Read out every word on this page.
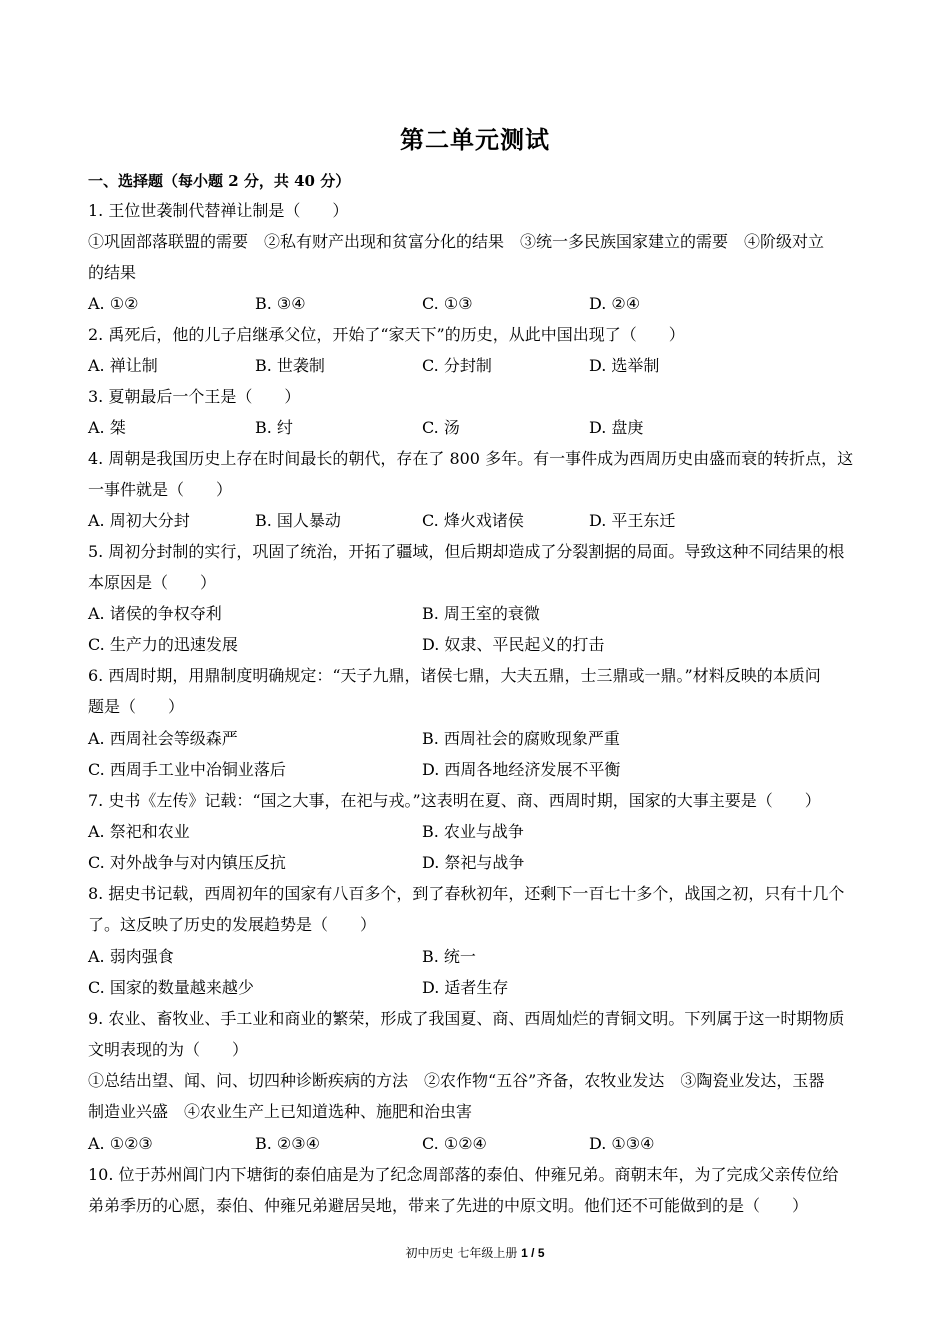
第二单元测试
一、选择题（每小题 2 分，共 40 分）
1. 王位世袭制代替禅让制是（　　）
①巩固部落联盟的需要　②私有财产出现和贫富分化的结果　③统一多民族国家建立的需要　④阶级对立
的结果
A. ①②	B. ③④	C. ①③	D. ②④
2. 禹死后，他的儿子启继承父位，开始了“家天下”的历史，从此中国出现了（　　）
A. 禅让制	B. 世袭制	C. 分封制	D. 选举制
3. 夏朝最后一个王是（　　）
A. 桀	B. 纣	C. 汤	D. 盘庚
4. 周朝是我国历史上存在时间最长的朝代，存在了 800 多年。有一事件成为西周历史由盛而衰的转折点，这
一事件就是（　　）
A. 周初大分封	B. 国人暴动	C. 烽火戏诸侯	D. 平王东迁
5. 周初分封制的实行，巩固了统治，开拓了疆域，但后期却造成了分裂割据的局面。导致这种不同结果的根
本原因是（　　）
A. 诸侯的争权夺利	B. 周王室的衰微
C. 生产力的迅速发展	D. 奴隶、平民起义的打击
6. 西周时期，用鼎制度明确规定：“天子九鼎，诸侯七鼎，大夫五鼎，士三鼎或一鼎。”材料反映的本质问
题是（　　）
A. 西周社会等级森严	B. 西周社会的腐败现象严重
C. 西周手工业中冶铜业落后	D. 西周各地经济发展不平衡
7. 史书《左传》记载：“国之大事，在祀与戎。”这表明在夏、商、西周时期，国家的大事主要是（　　）
A. 祭祀和农业	B. 农业与战争
C. 对外战争与对内镇压反抗	D. 祭祀与战争
8. 据史书记载，西周初年的国家有八百多个，到了春秋初年，还剩下一百七十多个，战国之初，只有十几个
了。这反映了历史的发展趋势是（　　）
A. 弱肉强食	B. 统一
C. 国家的数量越来越少	D. 适者生存
9. 农业、畜牧业、手工业和商业的繁荣，形成了我国夏、商、西周灿烂的青铜文明。下列属于这一时期物质
文明表现的为（　　）
①总结出望、闻、问、切四种诊断疾病的方法　②农作物“五谷”齐备，农牧业发达　③陶瓷业发达，玉器
制造业兴盛　④农业生产上已知道选种、施肥和治虫害
A. ①②③	B. ②③④	C. ①②④	D. ①③④
10. 位于苏州阊门内下塘街的泰伯庙是为了纪念周部落的泰伯、仲雍兄弟。商朝末年，为了完成父亲传位给
弟弟季历的心愿，泰伯、仲雍兄弟避居吴地，带来了先进的中原文明。他们还不可能做到的是（　　）
初中历史 七年级上册 1 / 5
